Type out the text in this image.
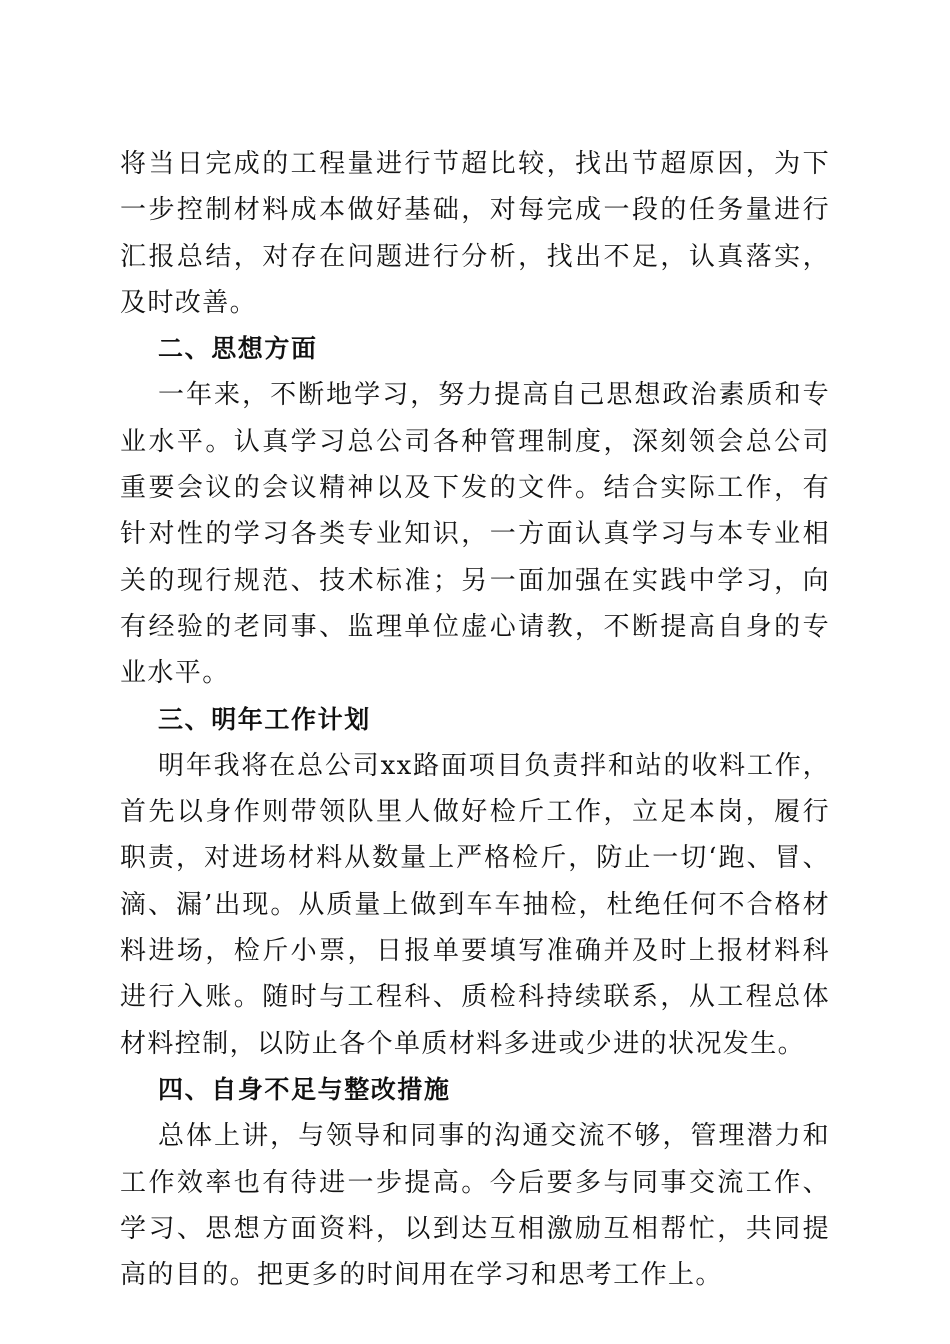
将当日完成的工程量进行节超比较，找出节超原因，为下一步控制材料成本做好基础，对每完成一段的任务量进行汇报总结，对存在问题进行分析，找出不足，认真落实，及时改善。

二、思想方面

一年来，不断地学习，努力提高自己思想政治素质和专业水平。认真学习总公司各种管理制度，深刻领会总公司重要会议的会议精神以及下发的文件。结合实际工作，有针对性的学习各类专业知识，一方面认真学习与本专业相关的现行规范、技术标准；另一面加强在实践中学习，向有经验的老同事、监理单位虚心请教，不断提高自身的专业水平。

三、明年工作计划

明年我将在总公司xx路面项目负责拌和站的收料工作，首先以身作则带领队里人做好检斤工作，立足本岗，履行职责，对进场材料从数量上严格检斤，防止一切‘跑、冒、滴、漏’出现。从质量上做到车车抽检，杜绝任何不合格材料进场，检斤小票，日报单要填写准确并及时上报材料科进行入账。随时与工程科、质检科持续联系，从工程总体材料控制，以防止各个单质材料多进或少进的状况发生。

四、自身不足与整改措施

总体上讲，与领导和同事的沟通交流不够，管理潜力和工作效率也有待进一步提高。今后要多与同事交流工作、学习、思想方面资料，以到达互相激励互相帮忙，共同提高的目的。把更多的时间用在学习和思考工作上。
